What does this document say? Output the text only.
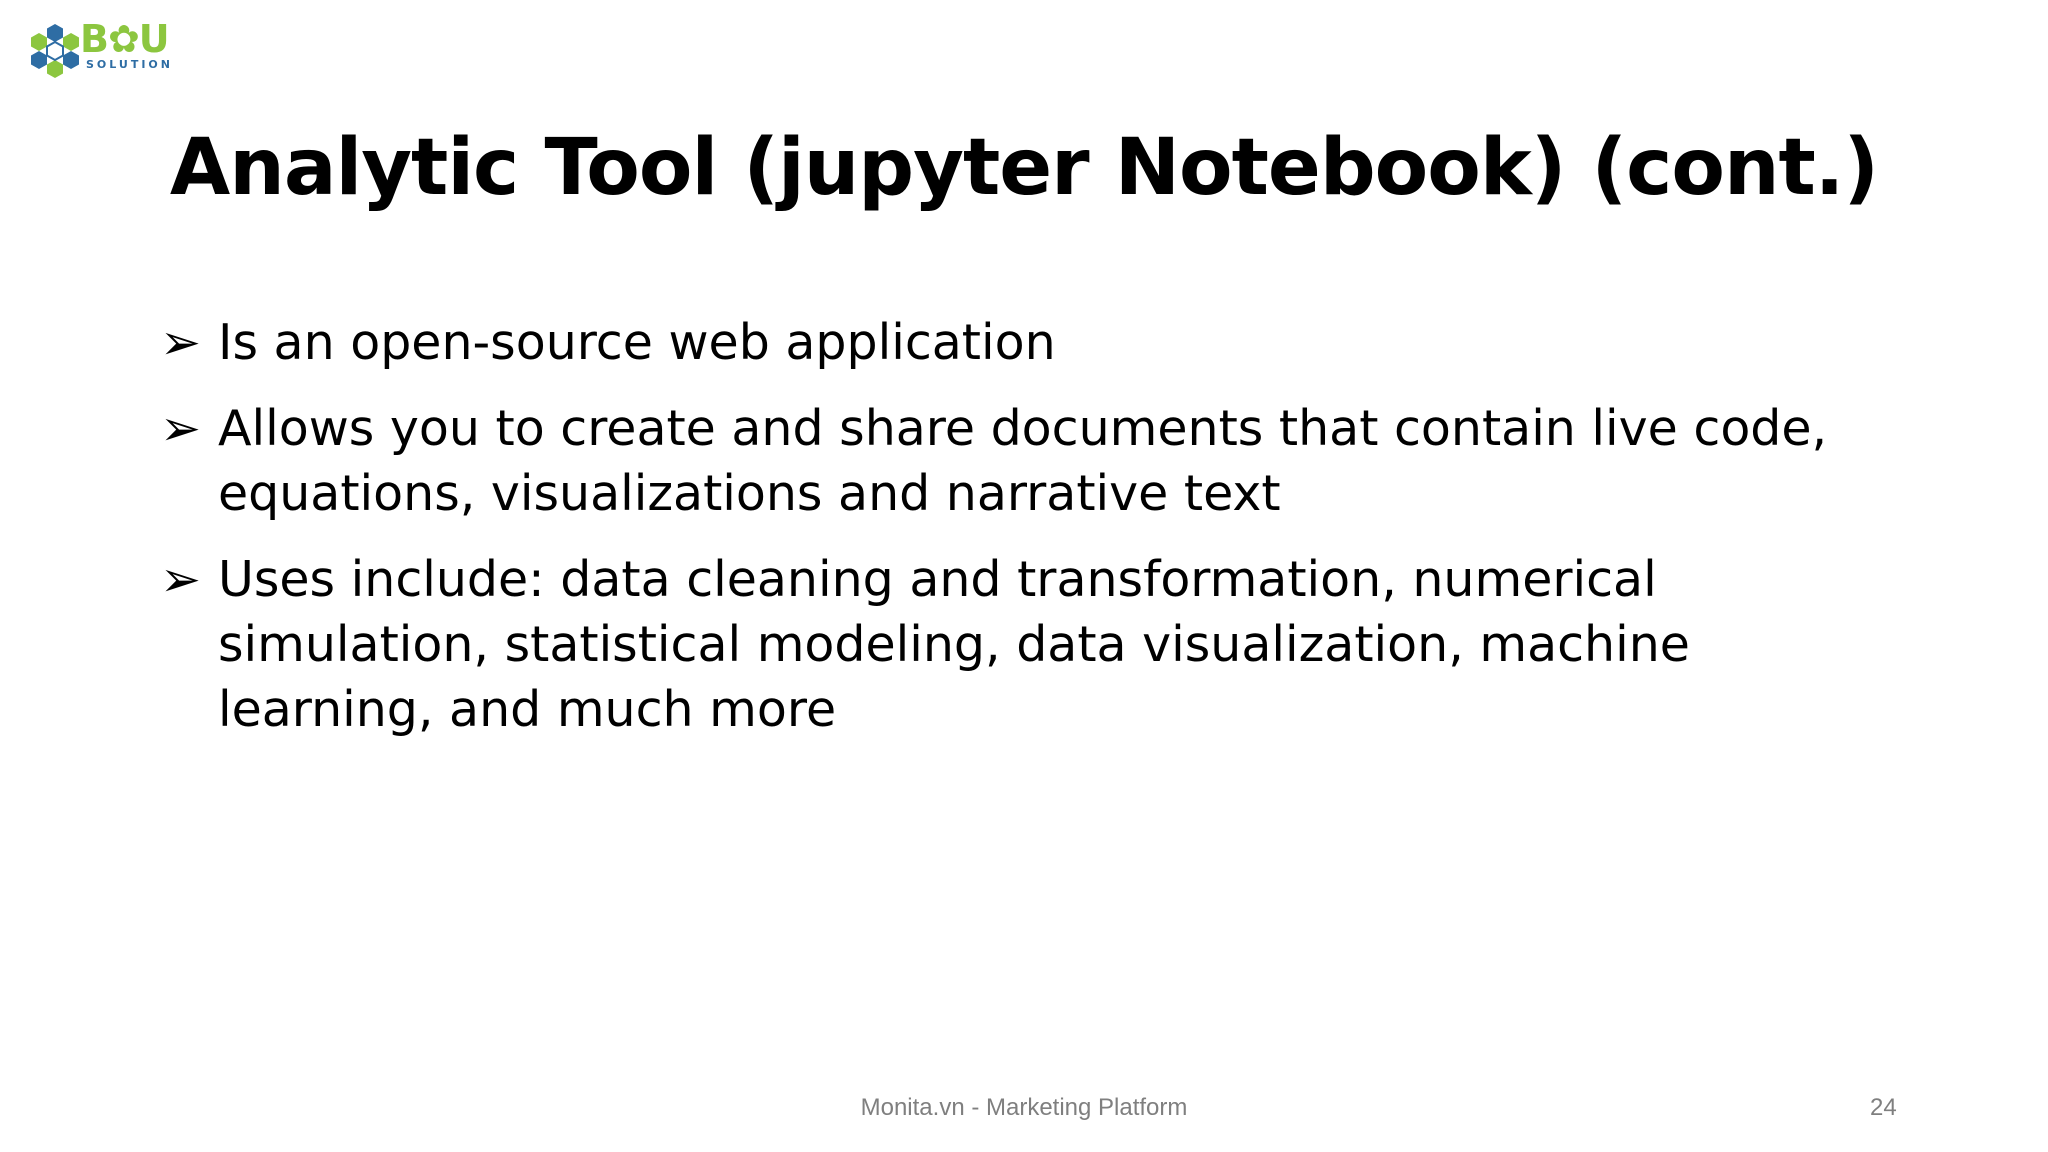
B✿U
SOLUTION
Analytic Tool (jupyter Notebook) (cont.)
➢ Is an open-source web application
➢ Allows you to create and share documents that contain live code, equations, visualizations and narrative text
➢ Uses include: data cleaning and transformation, numerical simulation, statistical modeling, data visualization, machine learning, and much more
Monita.vn - Marketing Platform	24
